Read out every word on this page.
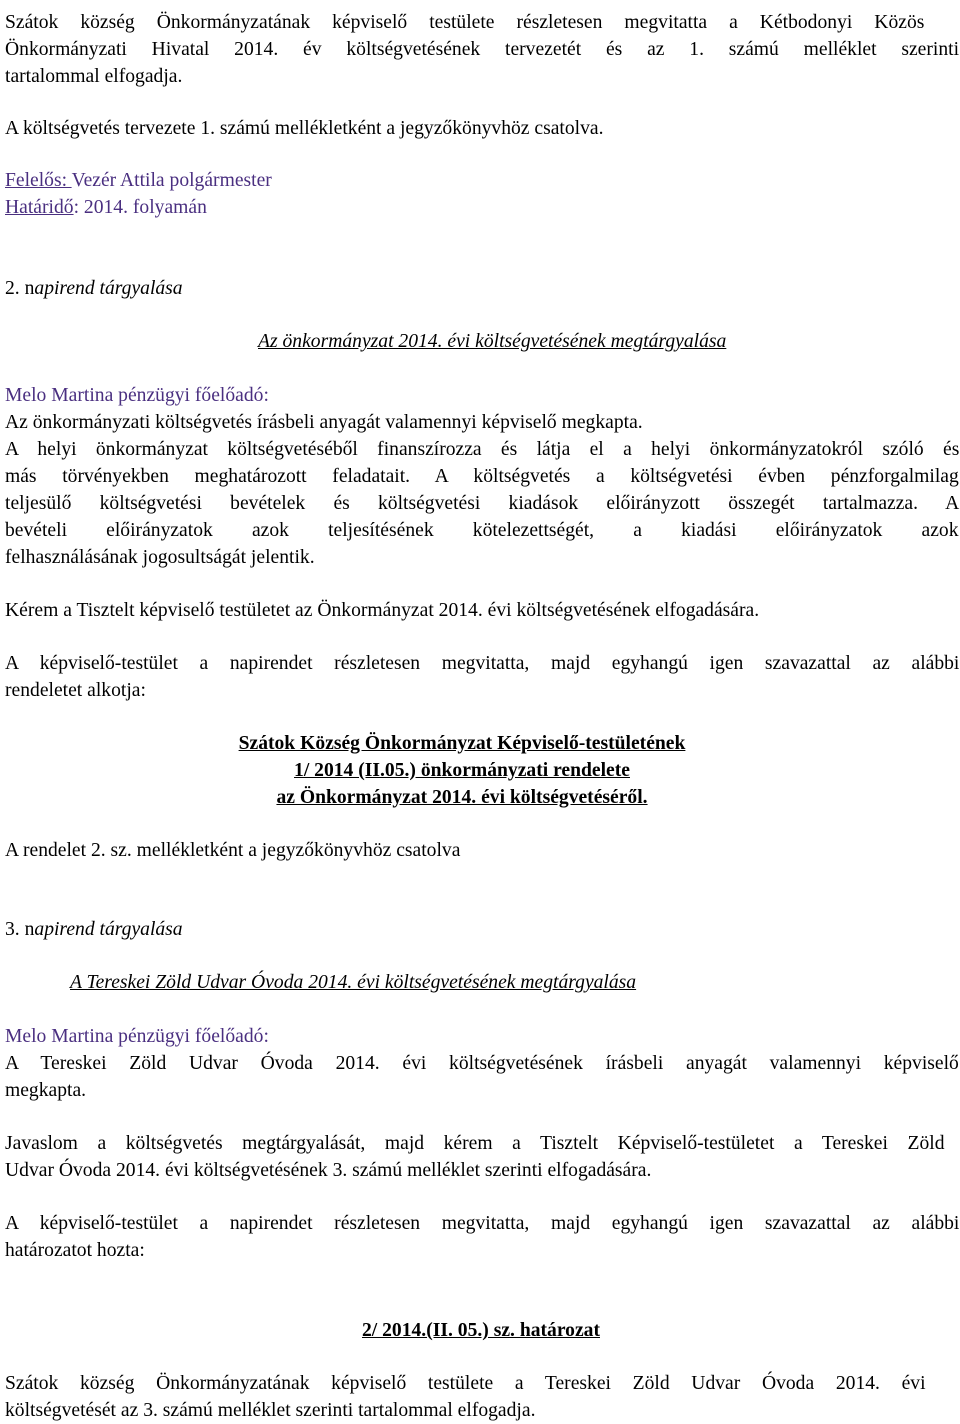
Szátok község Önkormányzatának képviselő testülete részletesen megvitatta a Kétbodonyi Közös
Önkormányzati Hivatal 2014. év költségvetésének tervezetét és az 1. számú melléklet szerinti
tartalommal elfogadja.
A költségvetés tervezete 1. számú mellékletként a jegyzőkönyvhöz csatolva.
Felelős: Vezér Attila polgármester
Határidő: 2014. folyamán
2. napirend tárgyalása
Az önkormányzat 2014. évi költségvetésének megtárgyalása
Melo Martina pénzügyi főelőadó:
Az önkormányzati költségvetés írásbeli anyagát valamennyi képviselő megkapta.
A helyi önkormányzat költségvetéséből finanszírozza és látja el a helyi önkormányzatokról szóló és
más törvényekben meghatározott feladatait. A költségvetés a költségvetési évben pénzforgalmilag
teljesülő költségvetési bevételek és költségvetési kiadások előirányzott összegét tartalmazza. A
bevételi előirányzatok azok teljesítésének kötelezettségét, a kiadási előirányzatok azok
felhasználásának jogosultságát jelentik.
Kérem a Tisztelt képviselő testületet az Önkormányzat 2014. évi költségvetésének elfogadására.
A képviselő-testület a napirendet részletesen megvitatta, majd egyhangú igen szavazattal az alábbi
rendeletet alkotja:
Szátok Község Önkormányzat Képviselő-testületének
1/ 2014 (II.05.) önkormányzati rendelete
az Önkormányzat 2014. évi költségvetéséről.
A rendelet 2. sz. mellékletként a jegyzőkönyvhöz csatolva
3. napirend tárgyalása
A Tereskei Zöld Udvar Óvoda 2014. évi költségvetésének megtárgyalása
Melo Martina pénzügyi főelőadó:
A Tereskei Zöld Udvar Óvoda 2014. évi költségvetésének írásbeli anyagát valamennyi képviselő
megkapta.
Javaslom a költségvetés megtárgyalását, majd kérem a Tisztelt Képviselő-testületet a Tereskei Zöld
Udvar Óvoda 2014. évi költségvetésének 3. számú melléklet szerinti elfogadására.
A képviselő-testület a napirendet részletesen megvitatta, majd egyhangú igen szavazattal az alábbi
határozatot hozta:
2/ 2014.(II. 05.) sz. határozat
Szátok község Önkormányzatának képviselő testülete a Tereskei Zöld Udvar Óvoda 2014. évi
költségvetését az 3. számú melléklet szerinti tartalommal elfogadja.
